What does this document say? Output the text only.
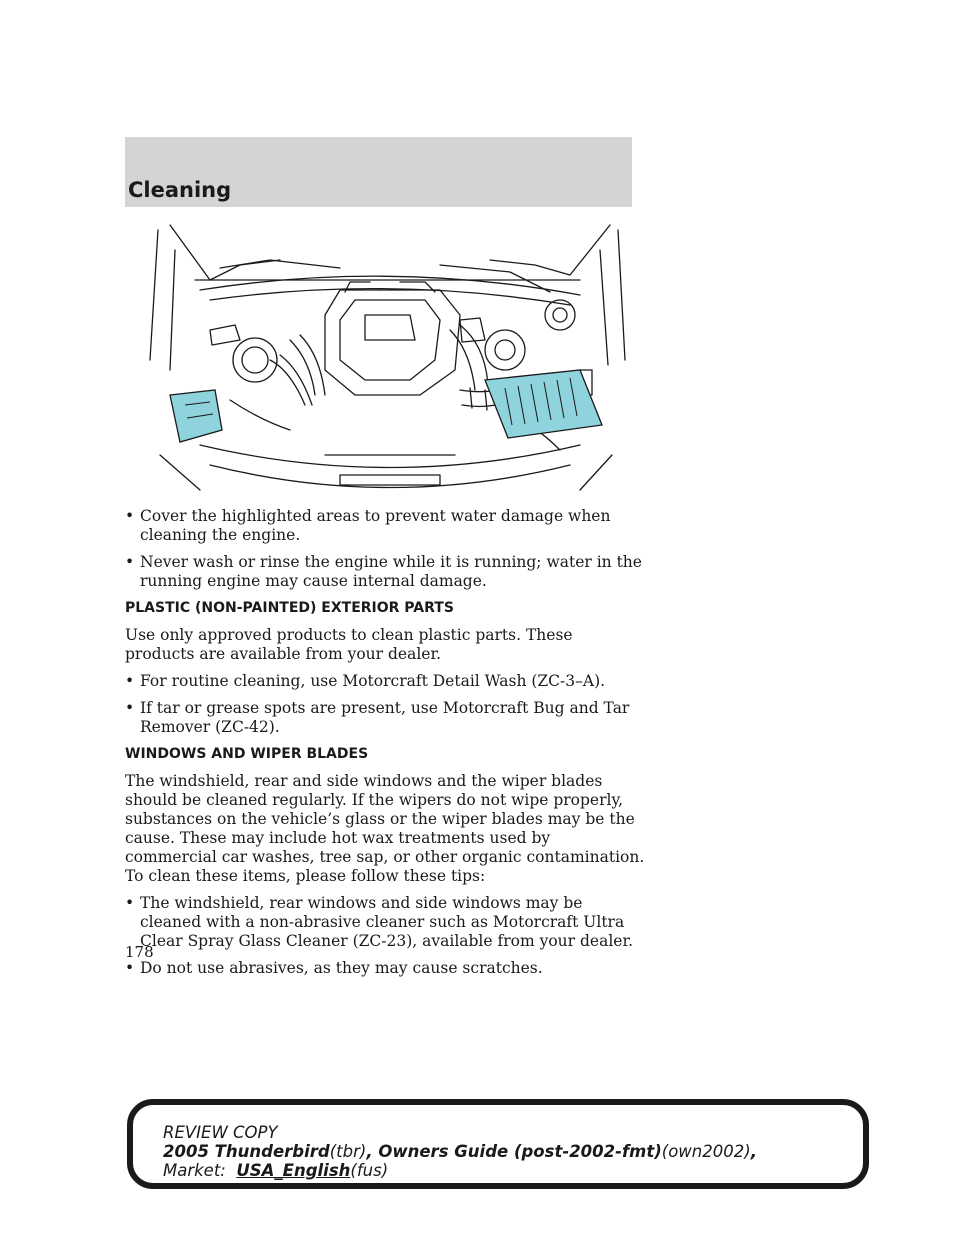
Cleaning

• Cover the highlighted areas to prevent water damage when cleaning the engine.

• Never wash or rinse the engine while it is running; water in the running engine may cause internal damage.

PLASTIC (NON-PAINTED) EXTERIOR PARTS

Use only approved products to clean plastic parts. These products are available from your dealer.

• For routine cleaning, use Motorcraft Detail Wash (ZC-3–A).

• If tar or grease spots are present, use Motorcraft Bug and Tar Remover (ZC-42).

WINDOWS AND WIPER BLADES

The windshield, rear and side windows and the wiper blades should be cleaned regularly. If the wipers do not wipe properly, substances on the vehicle’s glass or the wiper blades may be the cause. These may include hot wax treatments used by commercial car washes, tree sap, or other organic contamination. To clean these items, please follow these tips:

• The windshield, rear windows and side windows may be cleaned with a non-abrasive cleaner such as Motorcraft Ultra Clear Spray Glass Cleaner (ZC-23), available from your dealer.

• Do not use abrasives, as they may cause scratches.

178

REVIEW COPY
2005 Thunderbird(tbr), Owners Guide (post-2002-fmt)(own2002),
Market: USA_English(fus)
